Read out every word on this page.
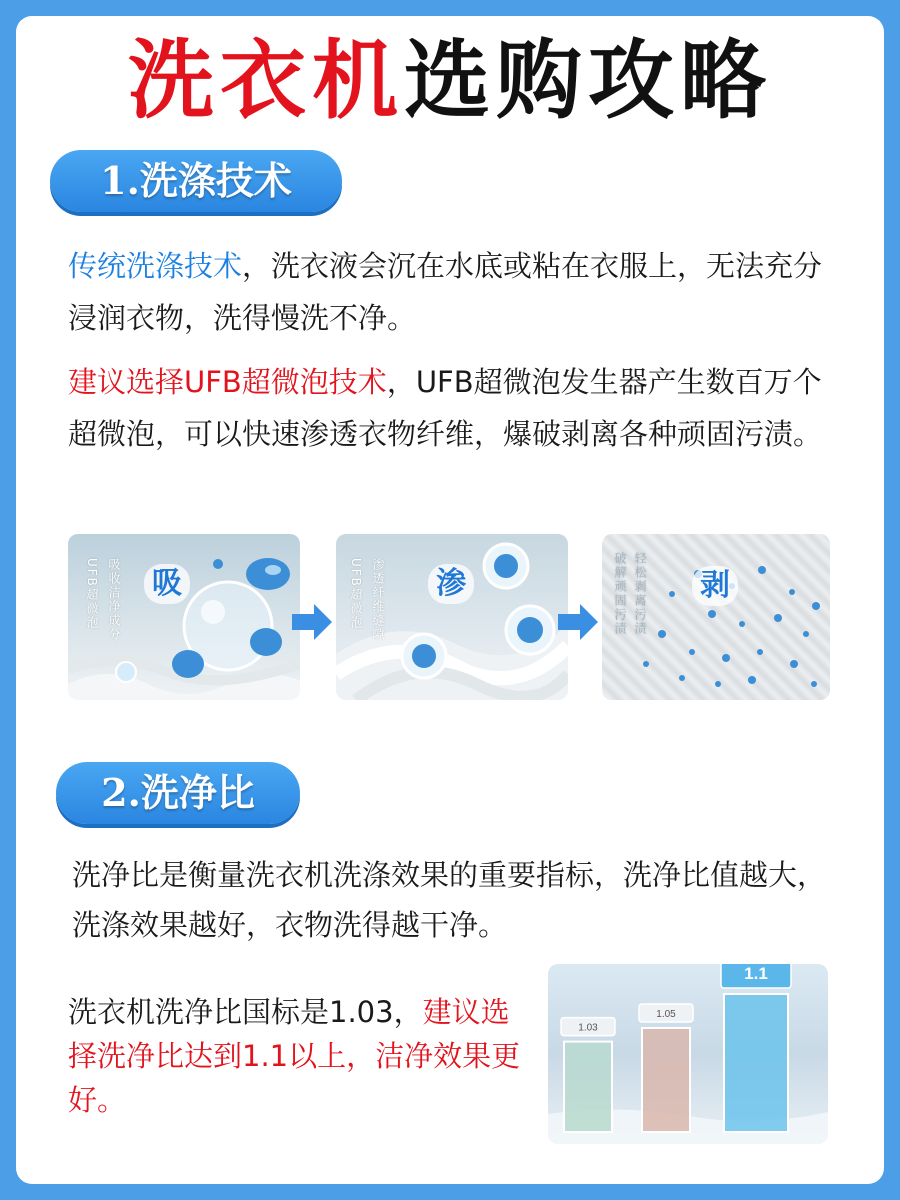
洗衣机选购攻略
1.洗涤技术
传统洗涤技术，洗衣液会沉在水底或粘在衣服上，无法充分浸润衣物，洗得慢洗不净。
建议选择UFB超微泡技术，UFB超微泡发生器产生数百万个超微泡，可以快速渗透衣物纤维，爆破剥离各种顽固污渍。
吸收洁净成分
UFB超微泡 吸	渗透纤维缝隙
UFB超微泡 渗	轻松剥离污渍
破解顽固污渍 剥
2.洗净比
洗净比是衡量洗衣机洗涤效果的重要指标，洗净比值越大，洗涤效果越好，衣物洗得越干净。
洗衣机洗净比国标是1.03，建议选择洗净比达到1.1以上，洁净效果更好。
1.03
1.05
1.1
